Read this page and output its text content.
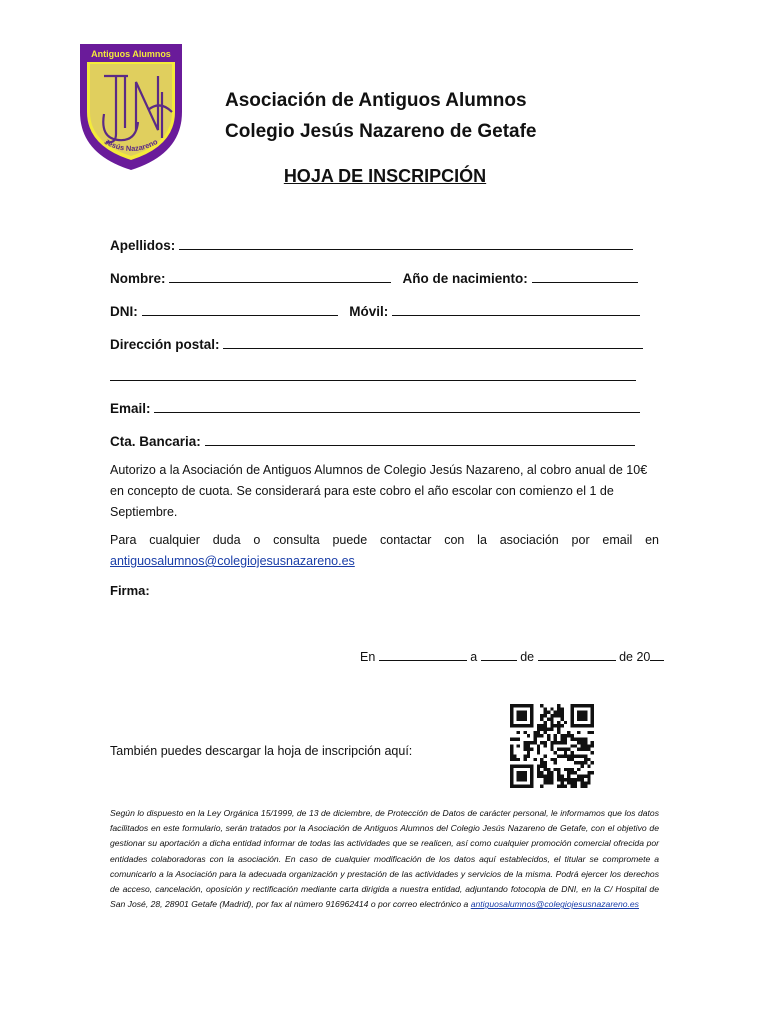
Antiguos Alumnos
Jesús Nazareno
Asociación de Antiguos Alumnos
Colegio Jesús Nazareno de Getafe
HOJA DE INSCRIPCIÓN
Apellidos:
Nombre:	Año de nacimiento:
DNI:	Móvil:
Dirección postal:
Email:
Cta. Bancaria:
Autorizo a la Asociación de Antiguos Alumnos de Colegio Jesús Nazareno, al cobro anual de 10€ en concepto de cuota. Se considerará para este cobro el año escolar con comienzo el 1 de Septiembre.
Para cualquier duda o consulta puede contactar con la asociación por email en antiguosalumnos@colegiojesusnazareno.es
Firma:
En	a	de	de 20
También puedes descargar la hoja de inscripción aquí:
Según lo dispuesto en la Ley Orgánica 15/1999, de 13 de diciembre, de Protección de Datos de carácter personal, le informamos que los datos facilitados en este formulario, serán tratados por la Asociación de Antiguos Alumnos del Colegio Jesús Nazareno de Getafe, con el objetivo de gestionar su aportación a dicha entidad informar de todas las actividades que se realicen, así como cualquier promoción comercial ofrecida por entidades colaboradoras con la asociación. En caso de cualquier modificación de los datos aquí establecidos, el titular se compromete a comunicarlo a la Asociación para la adecuada organización y prestación de las actividades y servicios de la misma. Podrá ejercer los derechos de acceso, cancelación, oposición y rectificación mediante carta dirigida a nuestra entidad, adjuntando fotocopia de DNI, en la C/ Hospital de San José, 28, 28901 Getafe (Madrid), por fax al número 916962414 o por correo electrónico a antiguosalumnos@colegiojesusnazareno.es
